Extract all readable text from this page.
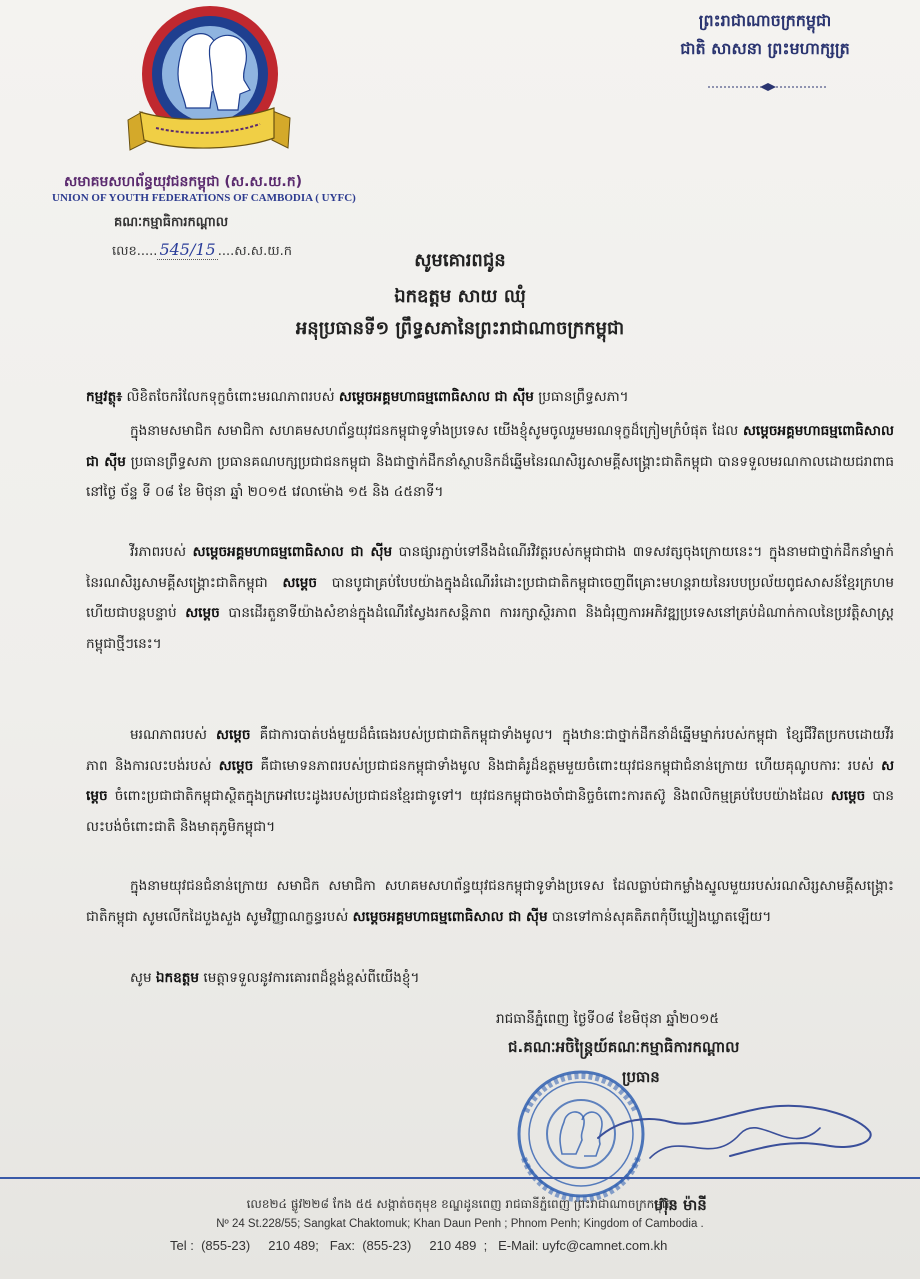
សមាគមសហព័ន្ធយុវជនកម្ពុជា (ស.ស.យ.ក)
UNION OF YOUTH FEDERATIONS OF CAMBODIA ( UYFC)
គណៈកម្មាធិការកណ្តាល
លេខ..... 545/15 ....ស.ស.យ.ក
ព្រះរាជាណាចក្រកម្ពុជា
ជាតិ សាសនា ព្រះមហាក្សត្រ
សូមគោរពជូន
ឯកឧត្តម សាយ ឈុំ
អនុប្រធានទី១ ព្រឹទ្ធសភានៃព្រះរាជាណាចក្រកម្ពុជា
កម្មវត្ថុ៖ លិខិតចែករំលែកទុក្ខចំពោះមរណភាពរបស់ សម្តេចអគ្គមហាធម្មពោធិសាល ជា ស៊ីម ប្រធានព្រឹទ្ធសភា។
ក្នុងនាមសមាជិក សមាជិកា សហគមសហព័ន្ធយុវជនកម្ពុជាទូទាំងប្រទេស យើងខ្ញុំសូមចូលរួមមរណទុក្ខដ៏ក្រៀមក្រំបំផុត ដែល សម្តេចអគ្គមហាធម្មពោធិសាល ជា ស៊ីម ប្រធានព្រឹទ្ធសភា ប្រធានគណបក្សប្រជាជនកម្ពុជា និងជាថ្នាក់ដឹកនាំស្ថាបនិកដ៏ឆ្នើមនៃរណសិរ្សសាមគ្គីសង្គ្រោះជាតិកម្ពុជា បានទទួលមរណកាលដោយជរាពាធ នៅថ្ងៃ ច័ន្ទ ទី ០៨ ខែ មិថុនា ឆ្នាំ ២០១៥ វេលាម៉ោង ១៥ និង ៤៥នាទី។
វីរភាពរបស់ សម្តេចអគ្គមហាធម្មពោធិសាល ជា ស៊ីម បានផ្សារភ្ជាប់ទៅនឹងដំណើរវិវត្តរបស់កម្ពុជាជាង ៣ទសវត្សចុងក្រោយនេះ។ ក្នុងនាមជាថ្នាក់ដឹកនាំម្នាក់នៃរណសិរ្សសាមគ្គីសង្គ្រោះជាតិកម្ពុជា សម្តេច បានបូជាគ្រប់បែបយ៉ាងក្នុងដំណើររំដោះប្រជាជាតិកម្ពុជាចេញពីគ្រោះមហន្តរាយនៃរបបប្រល័យពូជសាសន៍ខ្មែរក្រហម ហើយជាបន្តបន្ទាប់ សម្តេច បានដើរតួនាទីយ៉ាងសំខាន់ក្នុងដំណើរស្វែងរកសន្តិភាព ការរក្សាស្ថិរភាព និងជំរុញការអភិវឌ្ឍប្រទេសនៅគ្រប់ដំណាក់កាលនៃប្រវត្តិសាស្ត្រកម្ពុជាថ្មីៗនេះ។
មរណភាពរបស់ សម្តេច គឺជាការបាត់បង់មួយដ៏ធំធេងរបស់ប្រជាជាតិកម្ពុជាទាំងមូល។ ក្នុងឋានៈជាថ្នាក់ដឹកនាំដ៏ឆ្នើមម្នាក់របស់កម្ពុជា ខ្សែជីវិតប្រកបដោយវីរភាព និងការលះបង់របស់ សម្តេច គឺជាមោទនភាពរបស់ប្រជាជនកម្ពុជាទាំងមូល និងជាគំរូដ៏ឧត្តមមួយចំពោះយុវជនកម្ពុជាជំនាន់ក្រោយ ហើយគុណូបការៈ របស់ សម្តេច ចំពោះប្រជាជាតិកម្ពុជាស្ថិតក្នុងក្រអៅបេះដូងរបស់ប្រជាជនខ្មែរជាទូទៅ។ យុវជនកម្ពុជាចងចាំជានិច្ចចំពោះការតស៊ូ និងពលិកម្មគ្រប់បែបយ៉ាងដែល សម្តេច បានលះបង់ចំពោះជាតិ និងមាតុភូមិកម្ពុជា។
ក្នុងនាមយុវជនជំនាន់ក្រោយ សមាជិក សមាជិកា សហគមសហព័ន្ធយុវជនកម្ពុជាទូទាំងប្រទេស ដែលធ្លាប់ជាកម្លាំងស្នូលមួយរបស់រណសិរ្សសាមគ្គីសង្គ្រោះជាតិកម្ពុជា សូមលើកដៃបួងសួង សូមវិញ្ញាណក្ខន្ធរបស់ សម្តេចអគ្គមហាធម្មពោធិសាល ជា ស៊ីម បានទៅកាន់សុគតិភពកុំបីឃ្លៀងឃ្លាតឡើយ។
សូម ឯកឧត្តម មេត្តាទទួលនូវការគោរពដ៏ខ្ពង់ខ្ពស់ពីយើងខ្ញុំ។
រាជធានីភ្នំពេញ ថ្ងៃទី០៨ ខែមិថុនា ឆ្នាំ២០១៥
ជ.គណៈអចិន្ត្រៃយ៍គណៈកម្មាធិការកណ្តាល
ប្រធាន
ហ៊ុន ម៉ានី
លេខ២៤ ផ្លូវ២២៨ កែង ៥៥ សង្កាត់ចតុមុខ ខណ្ឌដូនពេញ រាជធានីភ្នំពេញ ព្រះរាជាណាចក្រកម្ពុជា
Nº 24 St.228/55; Sangkat Chaktomuk; Khan Daun Penh ; Phnom Penh; Kingdom of Cambodia .
Tel :  (855-23)     210 489;   Fax:  (855-23)     210 489  ;   E-Mail: uyfc@camnet.com.kh
